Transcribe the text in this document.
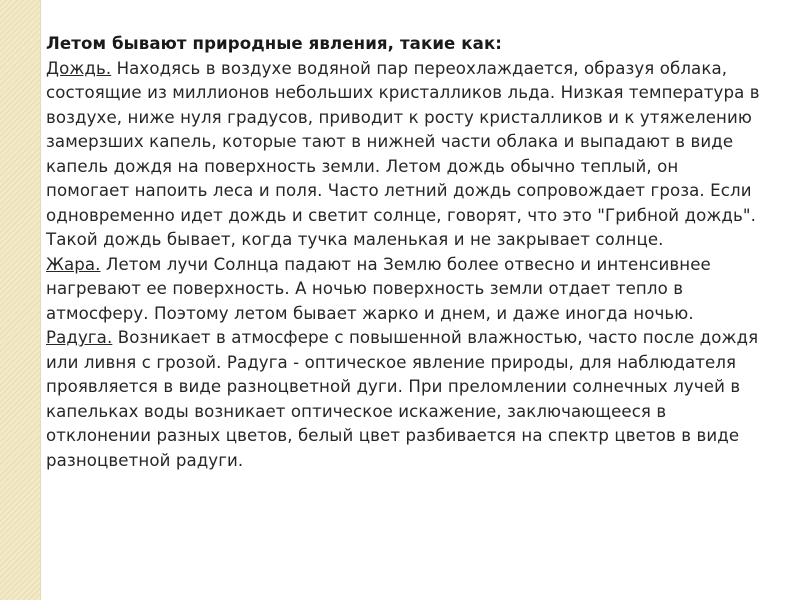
Летом бывают природные явления, такие как:

Дождь. Находясь в воздухе водяной пар переохлаждается, образуя облака, состоящие из миллионов небольших кристалликов льда. Низкая температура в воздухе, ниже нуля градусов, приводит к росту кристалликов и к утяжелению замерзших капель, которые тают в нижней части облака и выпадают в виде капель дождя на поверхность земли. Летом дождь обычно теплый, он помогает напоить леса и поля. Часто летний дождь сопровождает гроза. Если одновременно идет дождь и светит солнце, говорят, что это "Грибной дождь". Такой дождь бывает, когда тучка маленькая и не закрывает солнце.

Жара. Летом лучи Солнца падают на Землю более отвесно и интенсивнее нагревают ее поверхность. А ночью поверхность земли отдает тепло в атмосферу. Поэтому летом бывает жарко и днем, и даже иногда ночью.

Радуга. Возникает в атмосфере с повышенной влажностью, часто после дождя или ливня с грозой. Радуга - оптическое явление природы, для наблюдателя проявляется в виде разноцветной дуги. При преломлении солнечных лучей в капельках воды возникает оптическое искажение, заключающееся в отклонении разных цветов, белый цвет разбивается на спектр цветов в виде разноцветной радуги.
